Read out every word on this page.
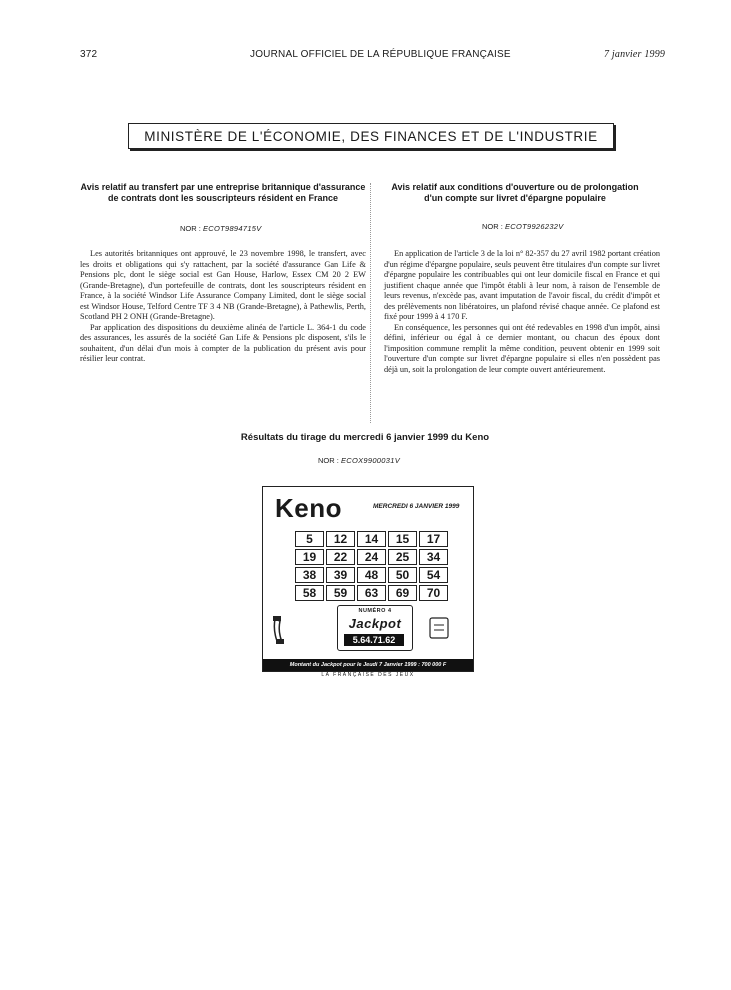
372	JOURNAL OFFICIEL DE LA RÉPUBLIQUE FRANÇAISE	7 janvier 1999
MINISTÈRE DE L'ÉCONOMIE, DES FINANCES ET DE L'INDUSTRIE
Avis relatif au transfert par une entreprise britannique d'assurance de contrats dont les souscripteurs résident en France
NOR : ECOT9894715V

Les autorités britanniques ont approuvé, le 23 novembre 1998, le transfert, avec les droits et obligations qui s'y rattachent, par la société d'assurance Gan Life & Pensions plc, dont le siège social est Gan House, Harlow, Essex CM 20 2 EW (Grande-Bretagne), d'un portefeuille de contrats, dont les souscripteurs résident en France, à la société Windsor Life Assurance Company Limited, dont le siège social est Windsor House, Telford Centre TF 3 4 NB (Grande-Bretagne), à Pathewlis, Perth, Scotland PH 2 ONH (Grande-Bretagne).

Par application des dispositions du deuxième alinéa de l'article L. 364-1 du code des assurances, les assurés de la société Gan Life & Pensions plc disposent, s'ils le souhaitent, d'un délai d'un mois à compter de la publication du présent avis pour résilier leur contrat.

Avis relatif aux conditions d'ouverture ou de prolongation d'un compte sur livret d'épargne populaire
NOR : ECOT9926232V

En application de l'article 3 de la loi n° 82-357 du 27 avril 1982 portant création d'un régime d'épargne populaire, seuls peuvent être titulaires d'un compte sur livret d'épargne populaire les contribuables qui ont leur domicile fiscal en France et qui justifient chaque année que l'impôt établi à leur nom, à raison de l'ensemble de leurs revenus, n'excède pas, avant imputation de l'avoir fiscal, du crédit d'impôt et des prélèvements non libératoires, un plafond révisé chaque année. Ce plafond est fixé pour 1999 à 4 170 F.

En conséquence, les personnes qui ont été redevables en 1998 d'un impôt, ainsi défini, inférieur ou égal à ce dernier montant, ou chacun des époux dont l'imposition commune remplit la même condition, peuvent obtenir en 1999 soit l'ouverture d'un compte sur livret d'épargne populaire si elles n'en possèdent pas déjà un, soit la prolongation de leur compte ouvert antérieurement.

Résultats du tirage du mercredi 6 janvier 1999 du Keno
NOR : ECOX9900031V
Keno	MERCREDI 6 JANVIER 1999
5	12	14	15	17
19	22	24	25	34
38	39	48	50	54
58	59	63	69	70
NUMÉRO 4
Jackpot
5.64.71.62
Montant du Jackpot pour le Jeudi 7 Janvier 1999 : 700 000 F
LA FRANÇAISE DES JEUX
